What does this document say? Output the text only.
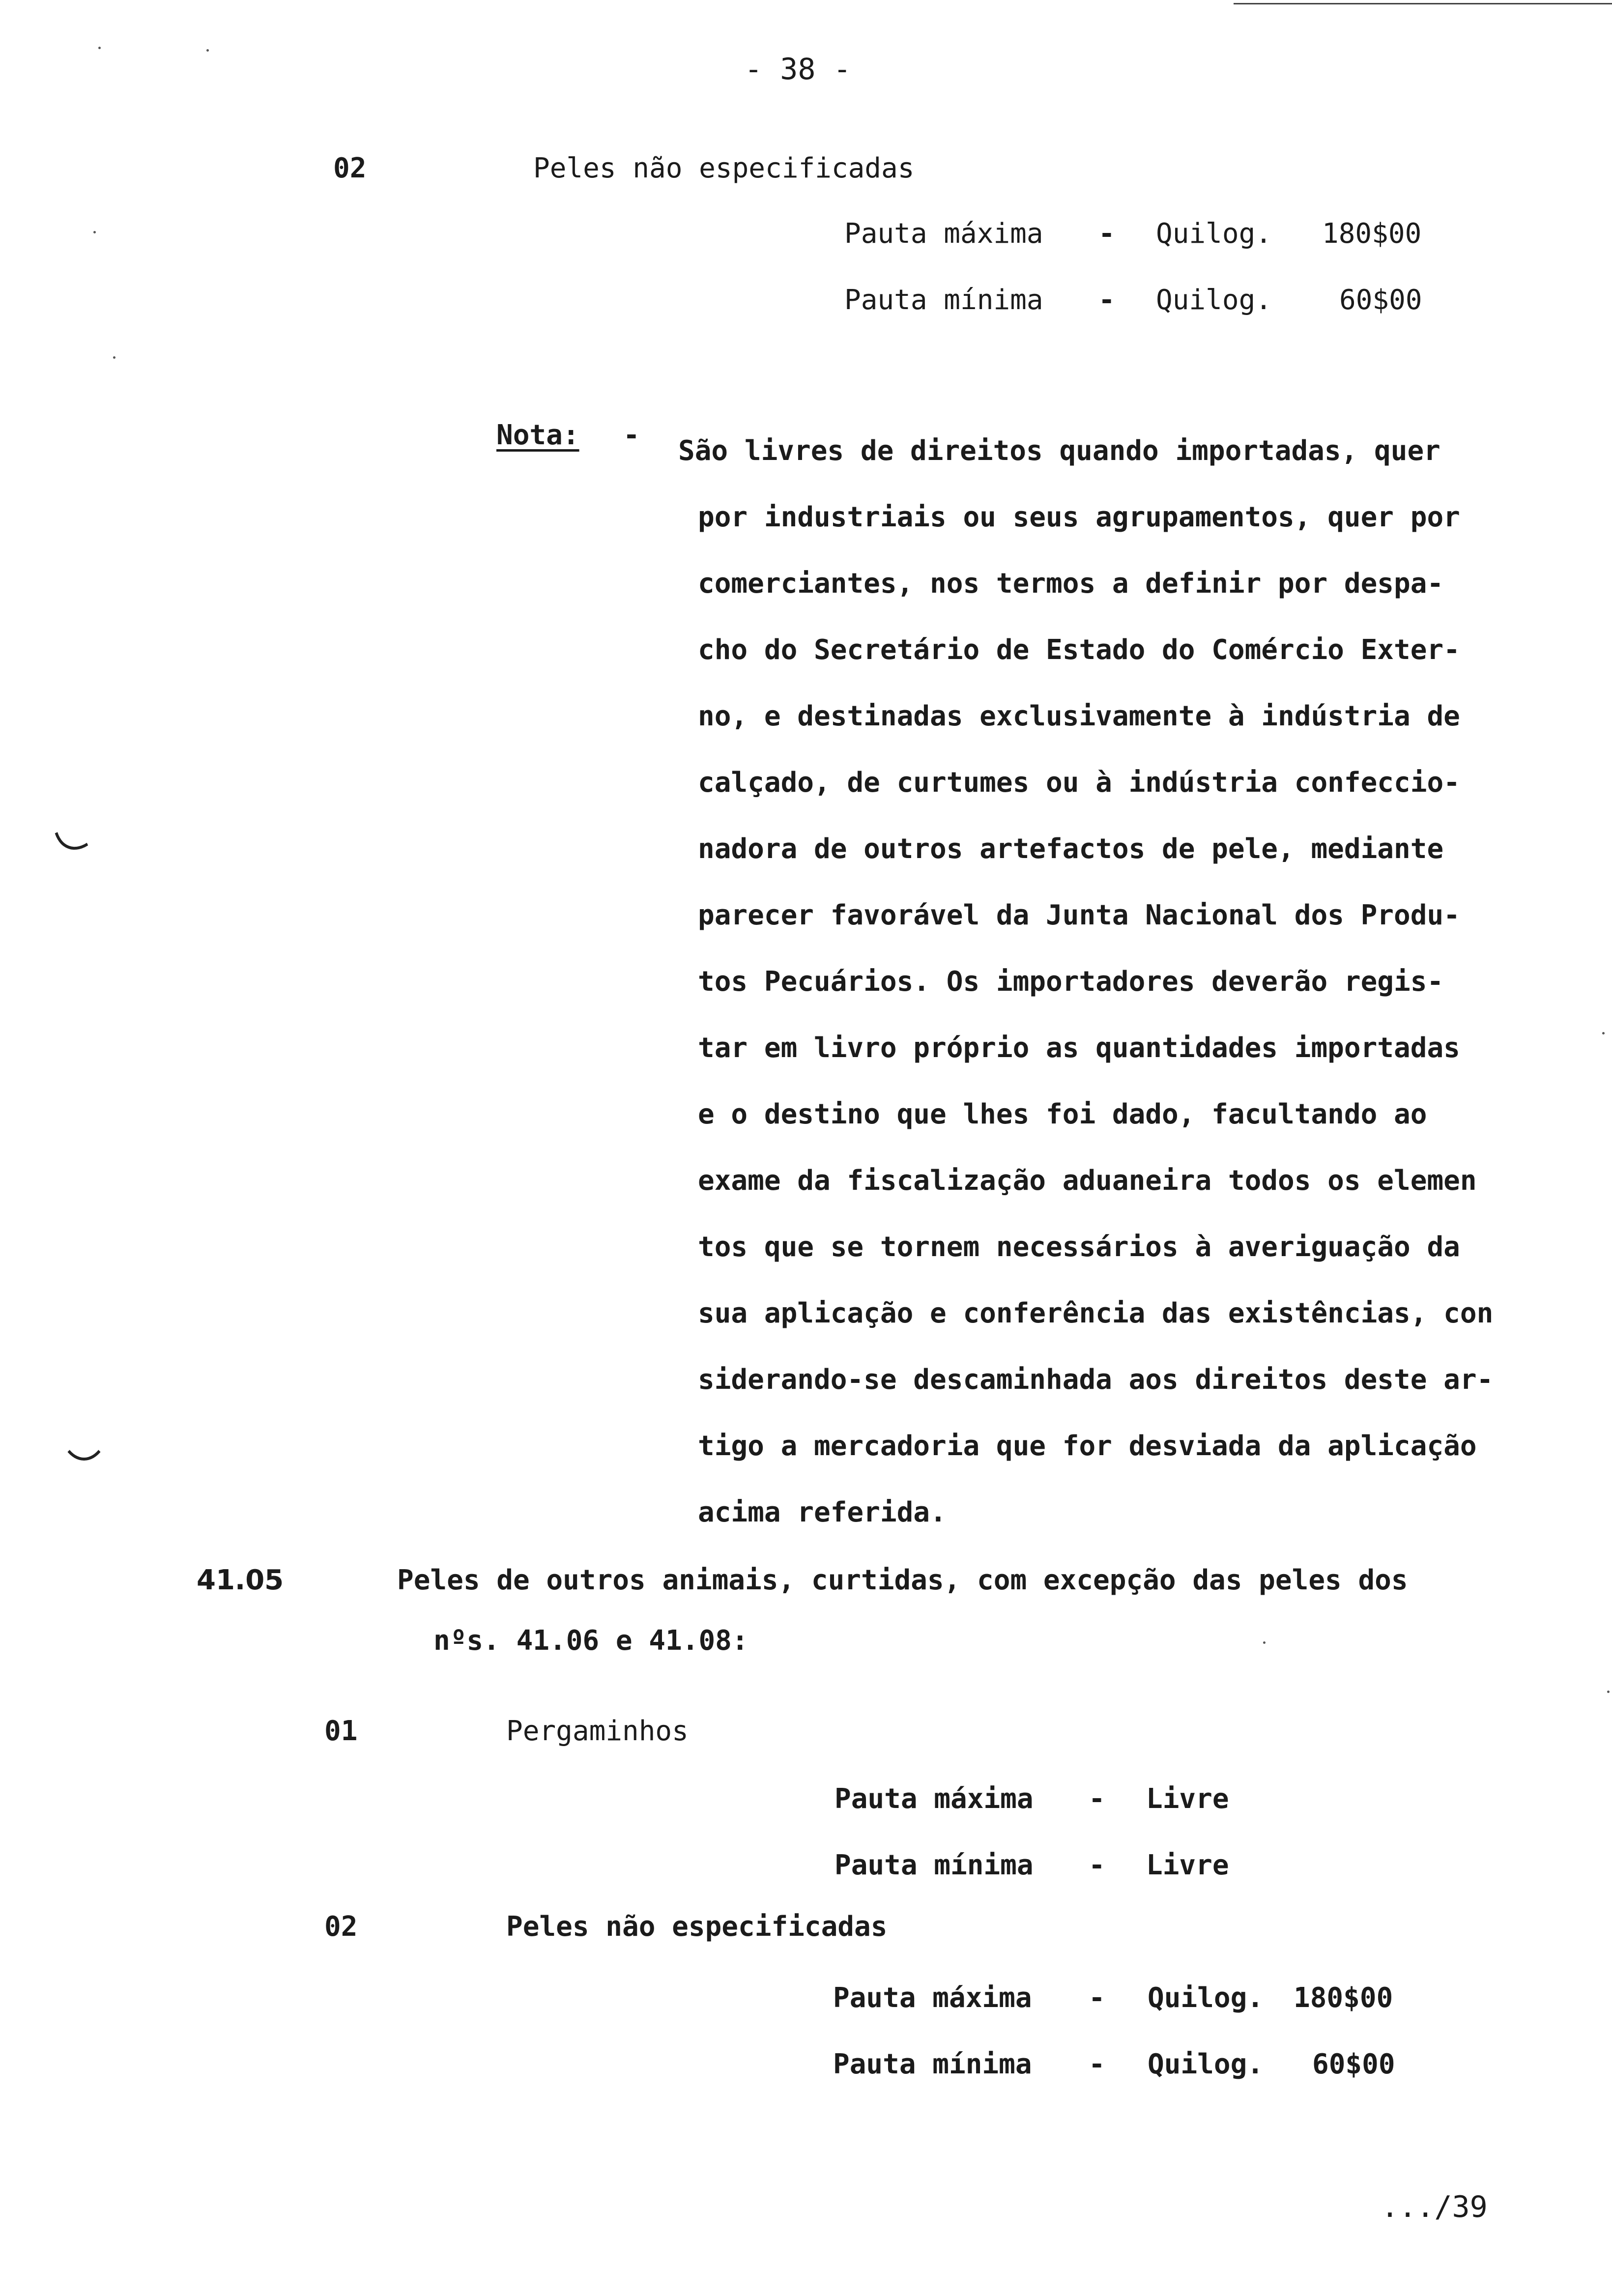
- 38 -
02	Peles não especificadas
Pauta máxima - Quilog. 180$00
Pauta mínima - Quilog. 60$00
Nota: - São livres de direitos quando importadas, quer
por industriais ou seus agrupamentos, quer por
comerciantes, nos termos a definir por despa-
cho do Secretário de Estado do Comércio Exter-
no, e destinadas exclusivamente à indústria de
calçado, de curtumes ou à indústria confeccio-
nadora de outros artefactos de pele, mediante
parecer favorável da Junta Nacional dos Produ-
tos Pecuários. Os importadores deverão regis-
tar em livro próprio as quantidades importadas
e o destino que lhes foi dado, facultando ao
exame da fiscalização aduaneira todos os elemen
tos que se tornem necessários à averiguação da
sua aplicação e conferência das existências, con
siderando-se descaminhada aos direitos deste ar-
tigo a mercadoria que for desviada da aplicação
acima referida.
41.05	Peles de outros animais, curtidas, com excepção das peles dos
nºs. 41.06 e 41.08:
01	Pergaminhos
Pauta máxima - Livre
Pauta mínima - Livre
02	Peles não especificadas
Pauta máxima - Quilog. 180$00
Pauta mínima - Quilog. 60$00
.../39
